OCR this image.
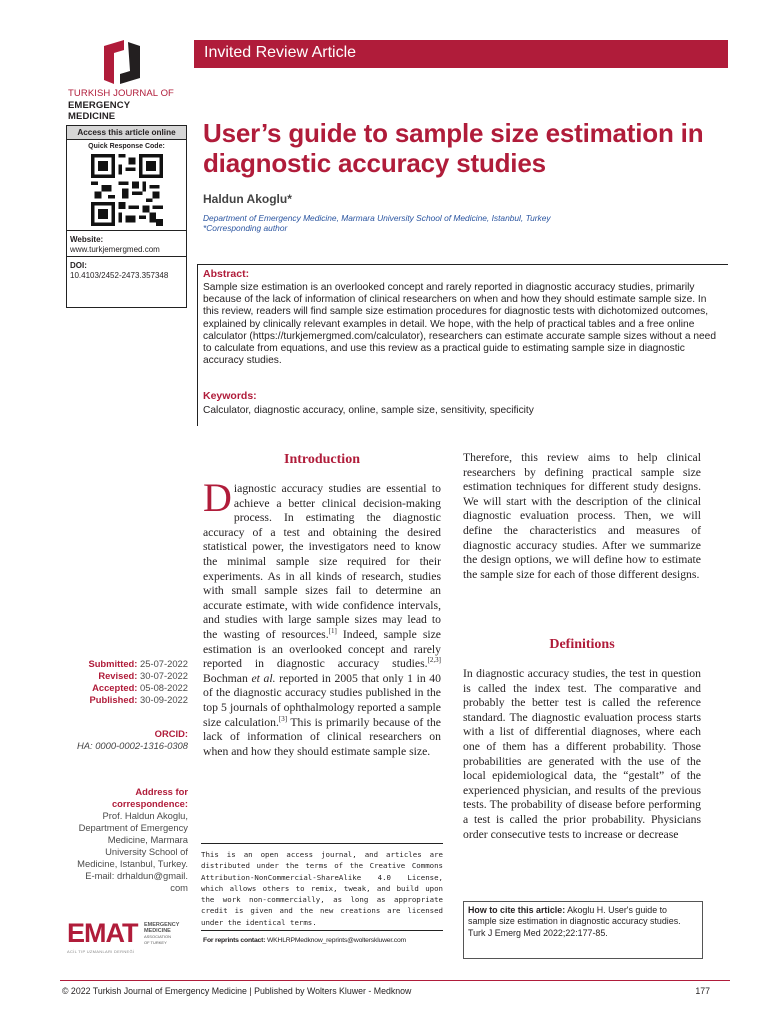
TURKISH JOURNAL OF
EMERGENCY MEDICINE
Invited Review Article
User’s guide to sample size estimation in diagnostic accuracy studies
Haldun Akoglu*
Department of Emergency Medicine, Marmara University School of Medicine, Istanbul, Turkey
*Corresponding author
Access this article online
Quick Response Code:
Website:
www.turkjemergmed.com
DOI:
10.4103/2452-2473.357348	Abstract:
Sample size estimation is an overlooked concept and rarely reported in diagnostic accuracy studies, primarily because of the lack of information of clinical researchers on when and how they should estimate sample size. In this review, readers will find sample size estimation procedures for diagnostic tests with dichotomized outcomes, explained by clinically relevant examples in detail. We hope, with the help of practical tables and a free online calculator (https://turkjemergmed.com/calculator), researchers can estimate accurate sample sizes without a need to calculate from equations, and use this review as a practical guide to estimating sample size in diagnostic accuracy studies.
Keywords:
Calculator, diagnostic accuracy, online, sample size, sensitivity, specificity
Submitted: 25-07-2022
Revised: 30-07-2022
Accepted: 05-08-2022
Published: 30-09-2022
ORCID:
HA: 0000-0002-1316-0308
Address for
correspondence:
Prof. Haldun Akoglu,
Department of Emergency
Medicine, Marmara
University School of
Medicine, Istanbul, Turkey.
E-mail: drhaldun@gmail.
com
Introduction
Diagnostic accuracy studies are essential to achieve a better clinical decision-making process. In estimating the diagnostic accuracy of a test and obtaining the desired statistical power, the investigators need to know the minimal sample size required for their experiments. As in all kinds of research, studies with small sample sizes fail to determine an accurate estimate, with wide confidence intervals, and studies with large sample sizes may lead to the wasting of resources.[1] Indeed, sample size estimation is an overlooked concept and rarely reported in diagnostic accuracy studies.[2,3] Bochman et al. reported in 2005 that only 1 in 40 of the diagnostic accuracy studies published in the top 5 journals of ophthalmology reported a sample size calculation.[3] This is primarily because of the lack of information of clinical researchers on when and how they should estimate sample size.
Therefore, this review aims to help clinical researchers by defining practical sample size estimation techniques for different study designs. We will start with the description of the clinical diagnostic evaluation process. Then, we will define the characteristics and measures of diagnostic accuracy studies. After we summarize the design options, we will define how to estimate the sample size for each of those different designs.
Definitions
In diagnostic accuracy studies, the test in question is called the index test. The comparative and probably the better test is called the reference standard. The diagnostic evaluation process starts with a list of differential diagnoses, where each one of them has a different probability. Those probabilities are generated with the use of the local epidemiological data, the “gestalt” of the experienced physician, and results of the previous tests. The probability of disease before performing a test is called the prior probability. Physicians order consecutive tests to increase or decrease
This is an open access journal, and articles are distributed under the terms of the Creative Commons Attribution-NonCommercial-ShareAlike 4.0 License, which allows others to remix, tweak, and build upon the work non-commercially, as long as appropriate credit is given and the new creations are licensed under the identical terms.
For reprints contact: WKHLRPMedknow_reprints@wolterskluwer.com
How to cite this article: Akoglu H. User's guide to sample size estimation in diagnostic accuracy studies. Turk J Emerg Med 2022;22:177-85.
EMAT EMERGENCY
MEDICINE
ASSOCIATION
OF TURKEY
ACİL TIP UZMANLARI DERNEĞİ
© 2022 Turkish Journal of Emergency Medicine | Published by Wolters Kluwer - Medknow	177
